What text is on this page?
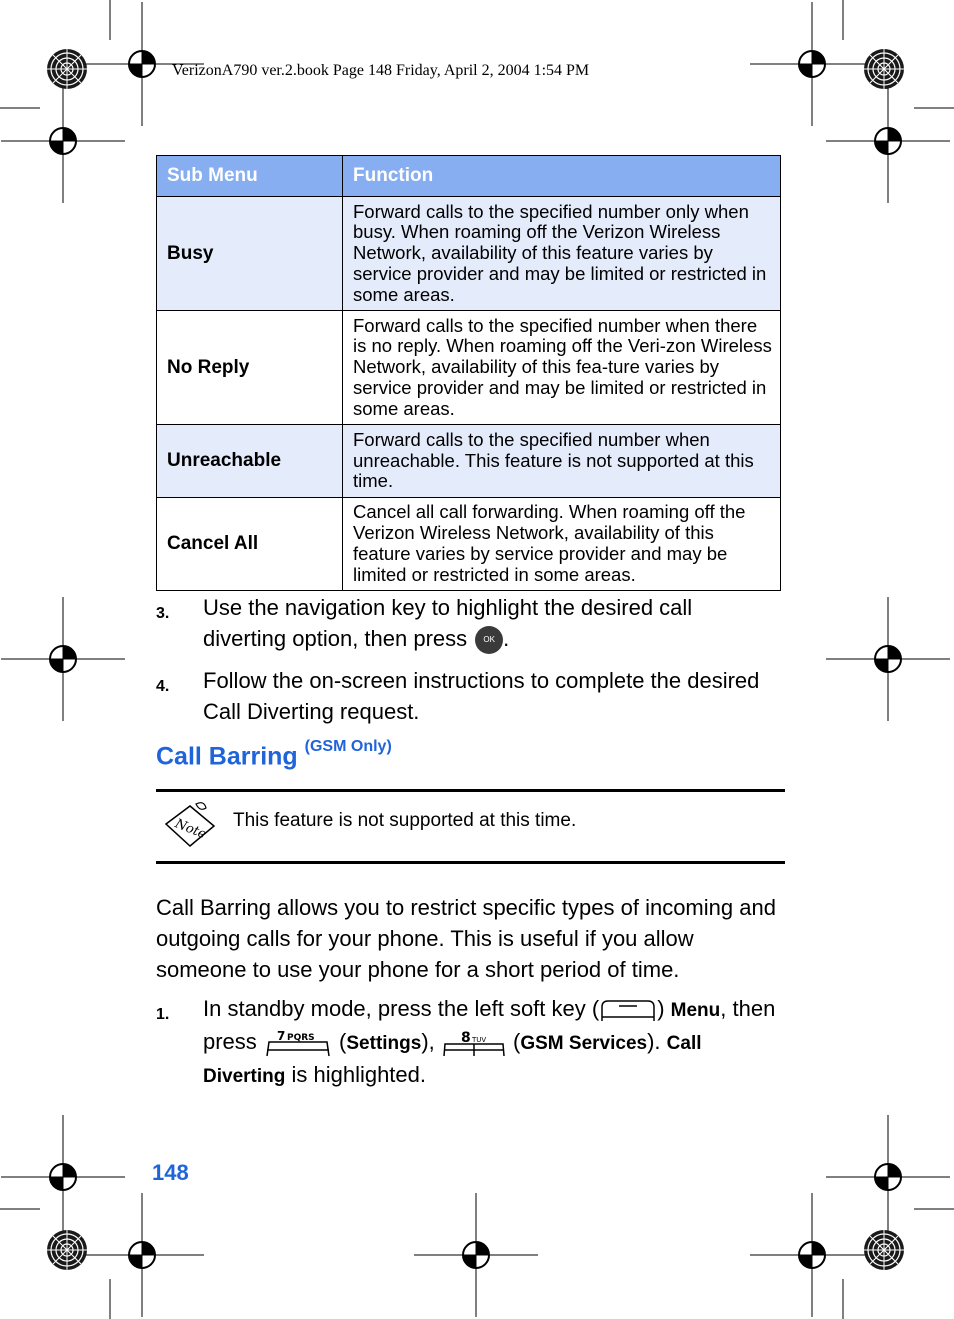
VerizonA790 ver.2.book Page 148 Friday, April 2, 2004 1:54 PM
Sub Menu	Function
Busy	Forward calls to the specified number only when busy. When roaming off the Verizon Wireless Network, availability of this feature varies by service provider and may be limited or restricted in some areas.
No Reply	Forward calls to the specified number when there is no reply. When roaming off the Veri-zon Wireless Network, availability of this fea-ture varies by service provider and may be limited or restricted in some areas.
Unreachable	Forward calls to the specified number when unreachable. This feature is not supported at this time.
Cancel All	Cancel all call forwarding. When roaming off the Verizon Wireless Network, availability of this feature varies by service provider and may be limited or restricted in some areas.
3. Use the navigation key to highlight the desired call diverting option, then press OK .
4. Follow the on-screen instructions to complete the desired Call Diverting request.
Call Barring $^{(GSM Only)}$
Note This feature is not supported at this time.
Call Barring allows you to restrict specific types of incoming and outgoing calls for your phone. This is useful if you allow someone to use your phone for a short period of time.
1. In standby mode, press the left soft key (	) Menu, then press 7 PQRS (Settings), 8 TUV (GSM Services). Call Diverting is highlighted.
148
